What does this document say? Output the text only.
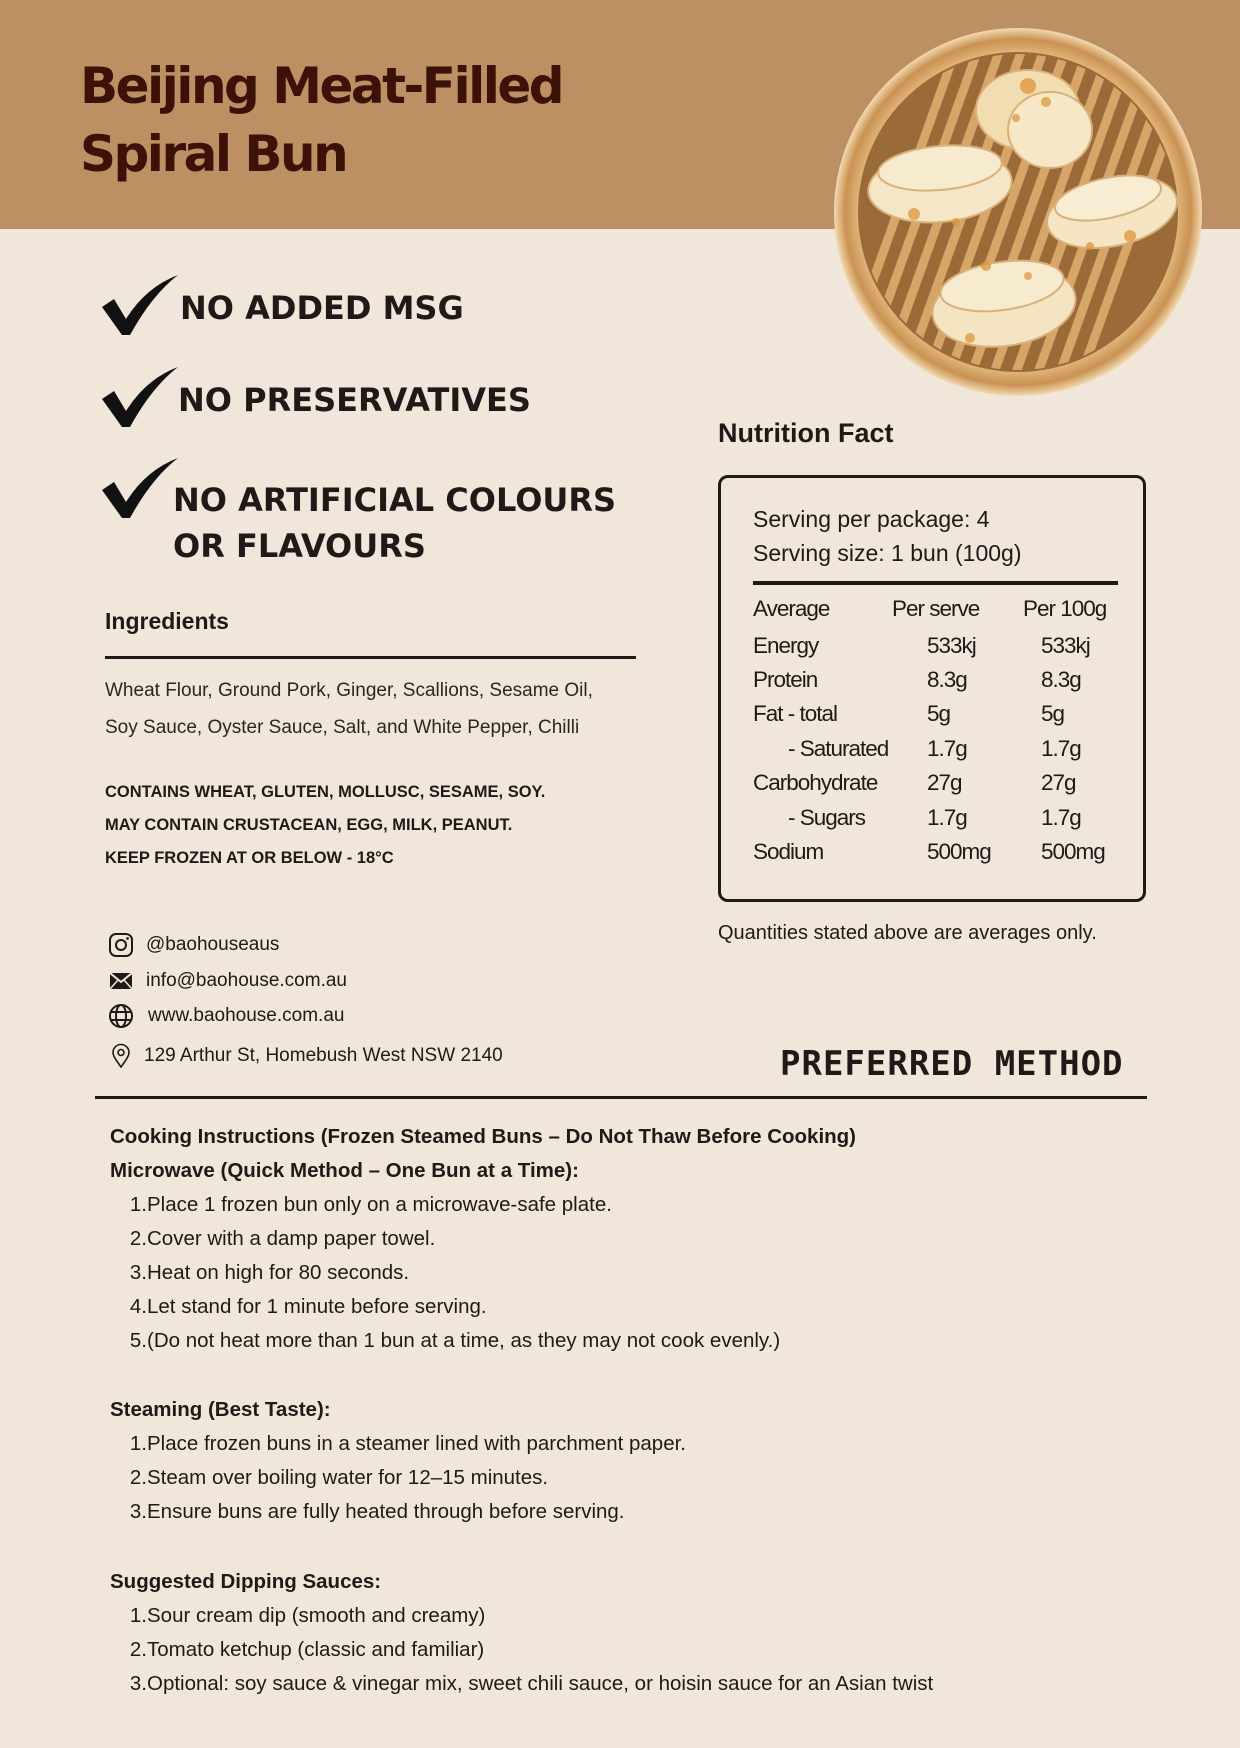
Beijing Meat-Filled Spiral Bun
NO ADDED MSG
NO PRESERVATIVES
NO ARTIFICIAL COLOURS
OR FLAVOURS
Ingredients
Wheat Flour, Ground Pork, Ginger, Scallions, Sesame Oil,
Soy Sauce, Oyster Sauce, Salt, and White Pepper, Chilli
CONTAINS WHEAT, GLUTEN, MOLLUSC, SESAME, SOY.
MAY CONTAIN CRUSTACEAN, EGG, MILK, PEANUT.
KEEP FROZEN AT OR BELOW - 18°C
@baohouseaus
info@baohouse.com.au
www.baohouse.com.au
129 Arthur St, Homebush West NSW 2140
Nutrition Fact
Serving per package: 4
Serving size: 1 bun (100g)
Average	Per serve Per 100g
Energy	533kj	533kj
Protein	8.3g	8.3g
Fat - total	5g	5g
- Saturated 1.7g	1.7g
Carbohydrate 27g	27g
- Sugars	1.7g	1.7g
Sodium	500mg 500mg
Quantities stated above are averages only.
PREFERRED METHOD
Cooking Instructions (Frozen Steamed Buns – Do Not Thaw Before Cooking)
Microwave (Quick Method – One Bun at a Time):
1. Place 1 frozen bun only on a microwave-safe plate.
2. Cover with a damp paper towel.
3. Heat on high for 80 seconds.
4. Let stand for 1 minute before serving.
5. (Do not heat more than 1 bun at a time, as they may not cook evenly.)
Steaming (Best Taste):
1. Place frozen buns in a steamer lined with parchment paper.
2. Steam over boiling water for 12–15 minutes.
3. Ensure buns are fully heated through before serving.
Suggested Dipping Sauces:
1. Sour cream dip (smooth and creamy)
2. Tomato ketchup (classic and familiar)
3. Optional: soy sauce & vinegar mix, sweet chili sauce, or hoisin sauce for an Asian twist
